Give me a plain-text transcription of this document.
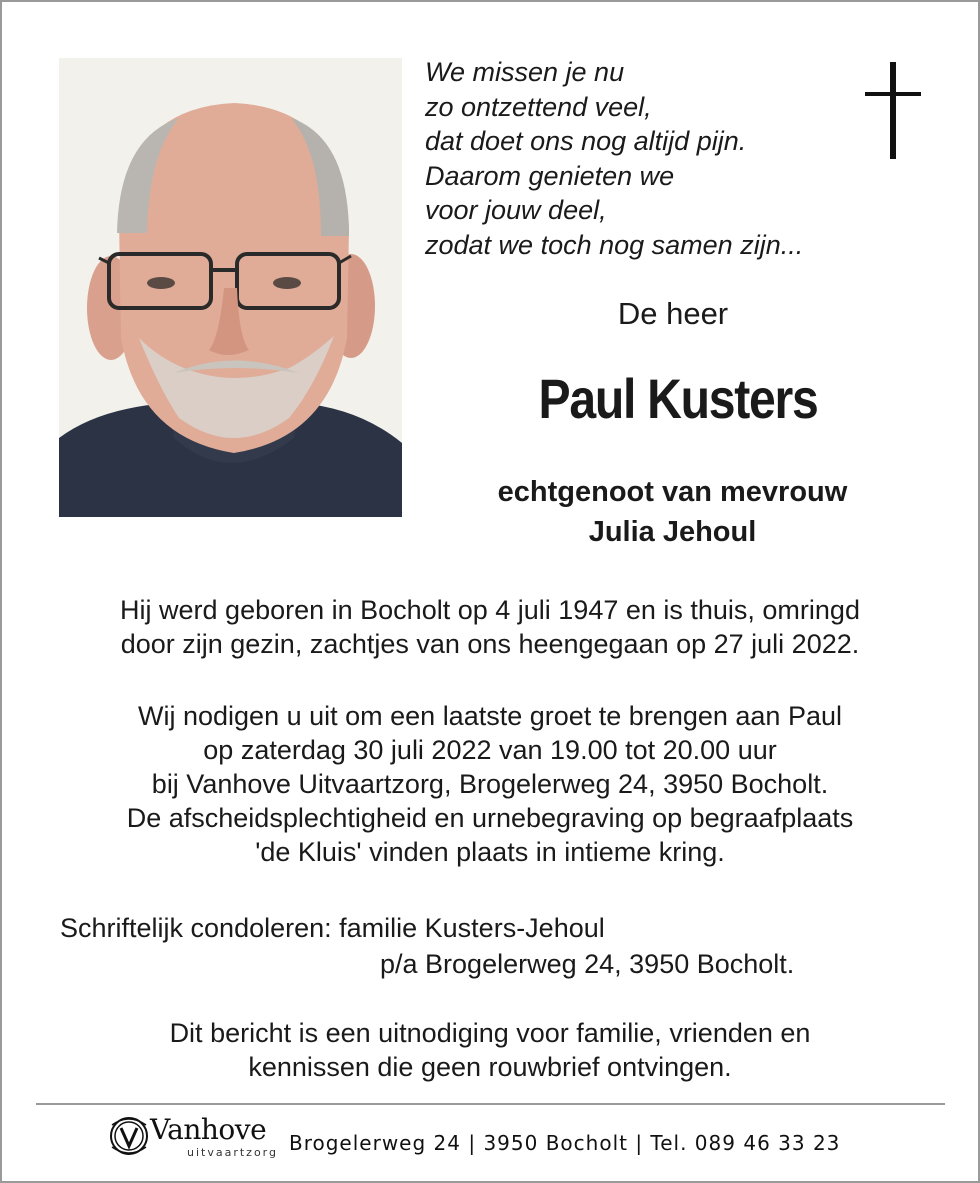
We missen je nu
zo ontzettend veel,
dat doet ons nog altijd pijn.
Daarom genieten we
voor jouw deel,
zodat we toch nog samen zijn...
De heer
Paul Kusters
echtgenoot van mevrouw
Julia Jehoul
Hij werd geboren in Bocholt op 4 juli 1947 en is thuis, omringd
door zijn gezin, zachtjes van ons heengegaan op 27 juli 2022.
Wij nodigen u uit om een laatste groet te brengen aan Paul
op zaterdag 30 juli 2022 van 19.00 tot 20.00 uur
bij Vanhove Uitvaartzorg, Brogelerweg 24, 3950 Bocholt.
De afscheidsplechtigheid en urnebegraving op begraafplaats
'de Kluis' vinden plaats in intieme kring.
Schriftelijk condoleren: familie Kusters-Jehoul
p/a Brogelerweg 24, 3950 Bocholt.
Dit bericht is een uitnodiging voor familie, vrienden en
kennissen die geen rouwbrief ontvingen.
Vanhove
uitvaartzorg Brogelerweg 24 | 3950 Bocholt | Tel. 089 46 33 23
